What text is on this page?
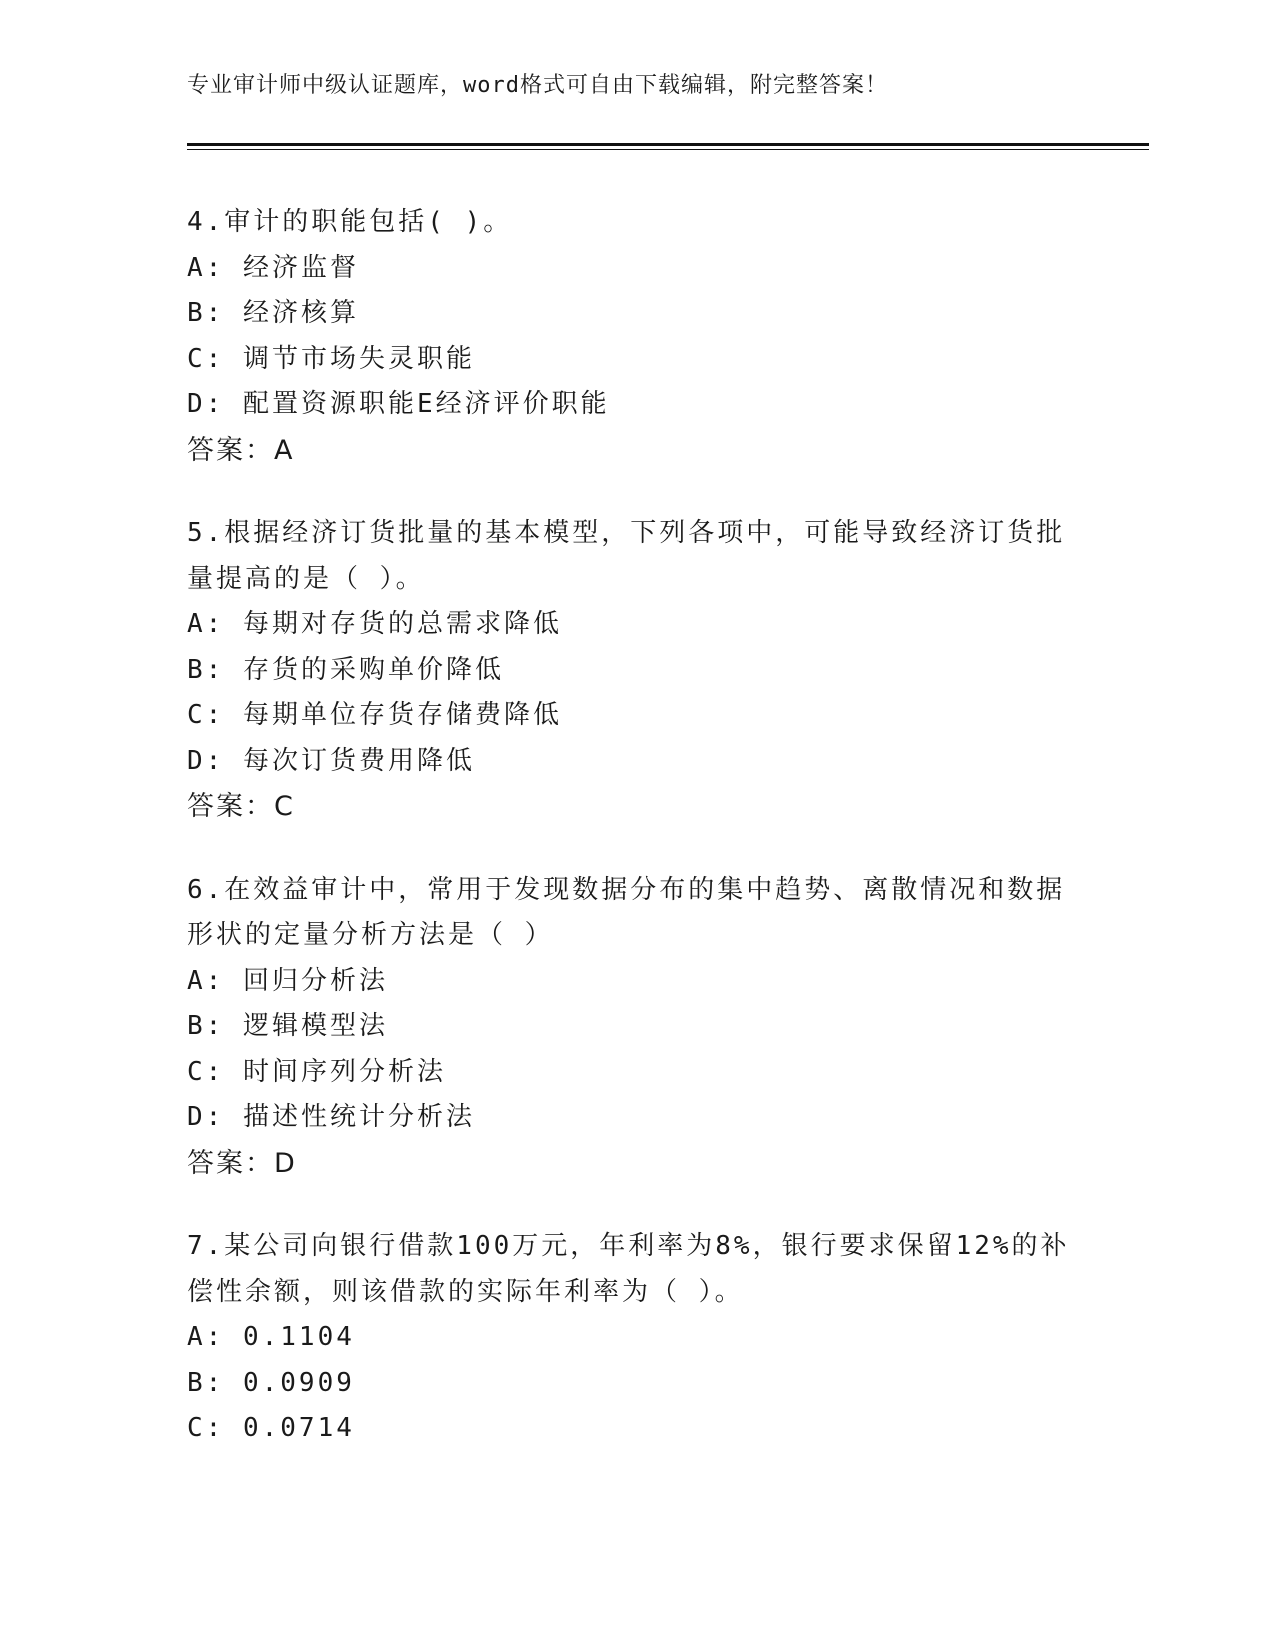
专业审计师中级认证题库，word格式可自由下载编辑，附完整答案！
4.审计的职能包括( )。
A: 经济监督
B: 经济核算
C: 调节市场失灵职能
D: 配置资源职能E经济评价职能
答案：A
5.根据经济订货批量的基本模型，下列各项中，可能导致经济订货批
量提高的是（ ）。
A: 每期对存货的总需求降低
B: 存货的采购单价降低
C: 每期单位存货存储费降低
D: 每次订货费用降低
答案：C
6.在效益审计中，常用于发现数据分布的集中趋势、离散情况和数据
形状的定量分析方法是（ ）
A: 回归分析法
B: 逻辑模型法
C: 时间序列分析法
D: 描述性统计分析法
答案：D
7.某公司向银行借款100万元，年利率为8%，银行要求保留12%的补
偿性余额，则该借款的实际年利率为（ ）。
A: 0.1104
B: 0.0909
C: 0.0714
